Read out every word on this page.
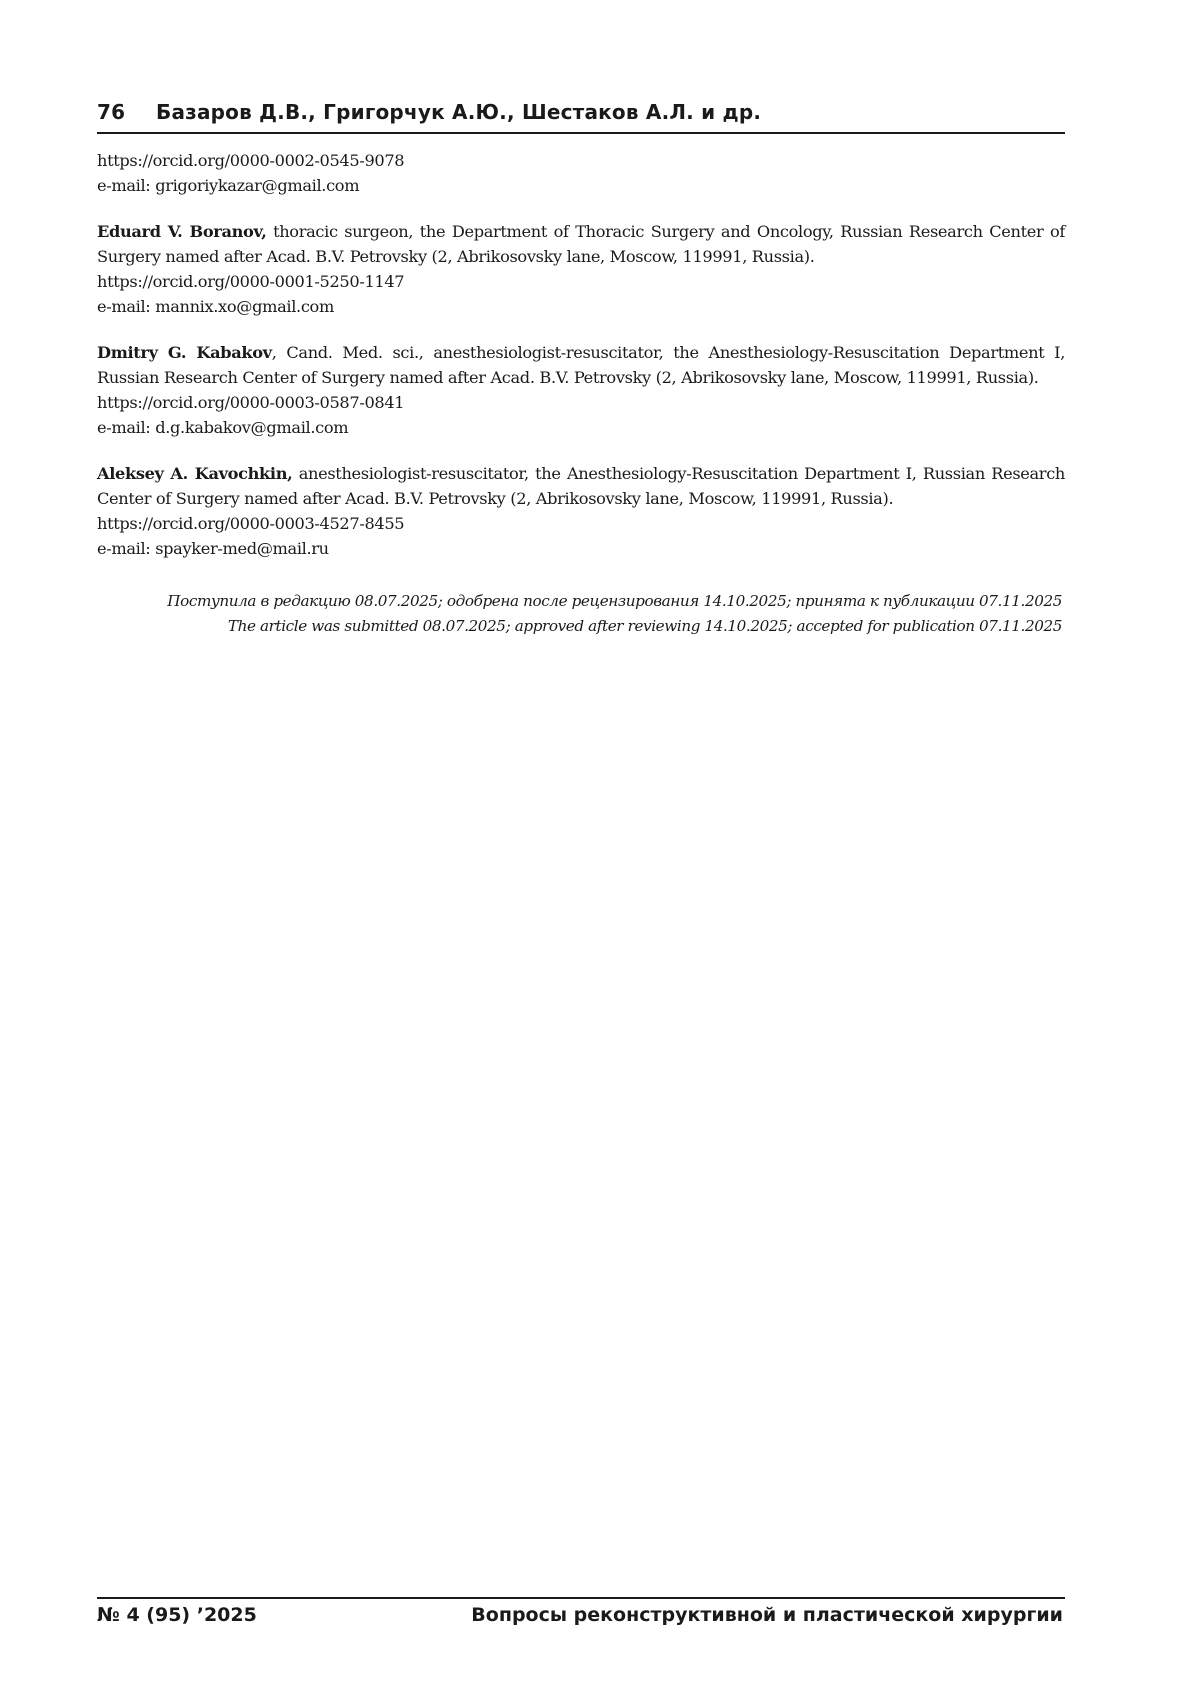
76 Базаров Д.В., Григорчук А.Ю., Шестаков А.Л. и др.

https://orcid.org/0000-0002-0545-9078

e-mail: grigoriykazar@gmail.com

Eduard V. Boranov, thoracic surgeon, the Department of Thoracic Surgery and Oncology, Russian Research Center of Surgery named after Acad. B.V. Petrovsky (2, Abrikosovsky lane, Moscow, 119991, Russia).

https://orcid.org/0000-0001-5250-1147

e-mail: mannix.xo@gmail.com

Dmitry G. Kabakov, Cand. Med. sci., anesthesiologist-resuscitator, the Anesthesiology-Resuscitation Department I, Russian Research Center of Surgery named after Acad. B.V. Petrovsky (2, Abrikosovsky lane, Moscow, 119991, Russia).

https://orcid.org/0000-0003-0587-0841

e-mail: d.g.kabakov@gmail.com

Aleksey A. Kavochkin, anesthesiologist-resuscitator, the Anesthesiology-Resuscitation Department I, Russian Research Center of Surgery named after Acad. B.V. Petrovsky (2, Abrikosovsky lane, Moscow, 119991, Russia).

https://orcid.org/0000-0003-4527-8455

e-mail: spayker-med@mail.ru

Поступила в редакцию 08.07.2025; одобрена после рецензирования 14.10.2025; принята к публикации 07.11.2025

The article was submitted 08.07.2025; approved after reviewing 14.10.2025; accepted for publication 07.11.2025

№ 4 (95) ’2025	Вопросы реконструктивной и пластической хирургии
